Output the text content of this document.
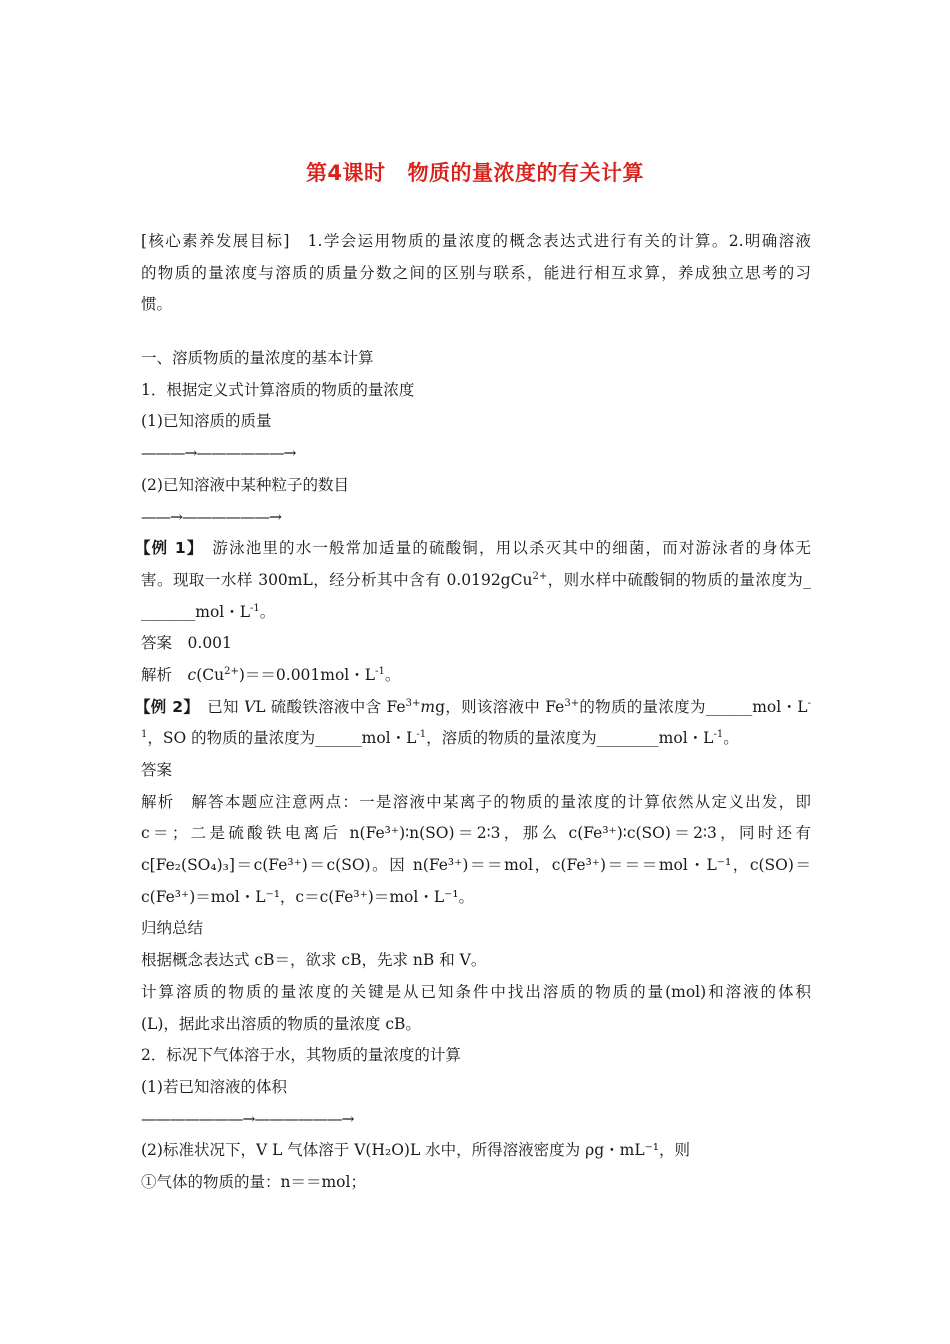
第4课时 物质的量浓度的有关计算
[核心素养发展目标]　1.学会运用物质的量浓度的概念表达式进行有关的计算。2.明确溶液
的物质的量浓度与溶质的质量分数之间的区别与联系，能进行相互求算，养成独立思考的习
惯。
一、溶质物质的量浓度的基本计算
1．根据定义式计算溶质的物质的量浓度
(1)已知溶质的质量
———→——————→
(2)已知溶液中某种粒子的数目
——→——————→
【例 1】　 游泳池里的水一般常加适量的硫酸铜，用以杀灭其中的细菌，而对游泳者的身体无
害。现取一水样 300mL，经分析其中含有 0.0192gCu$^{2+}$，则水样中硫酸铜的物质的量浓度为_
_______mol・$L^{-1}$。
答案　 0.001
解析　 $c(Cu^{2+})==0.001mol$・$L^{-1}$。
【例 2】　 已知 VL 硫酸铁溶液中含 $Fe^{3+}mg$，则该溶液中 $Fe^{3+}$的物质的量浓度为______mol・L-
$^1$，SO 的物质的量浓度为______mol・$L^{-1}$，溶质的物质的量浓度为________mol・$L^{-1}$。
答案
解析　 解答本题应注意两点：一是溶液中某离子的物质的量浓度的计算依然从定义出发，即
c＝；二是硫酸铁电离后 n(Fe³⁺)∶n(SO)＝2∶3，那么 c(Fe³⁺)∶c(SO)＝2∶3，同时还有
c[Fe₂(SO₄)₃]＝c(Fe³⁺)＝c(SO)。因 n(Fe³⁺)＝＝mol，c(Fe³⁺)＝＝＝mol・L⁻¹，c(SO)＝
c(Fe³⁺)＝mol・L⁻¹，c＝c(Fe³⁺)＝mol・L⁻¹。
归纳总结
根据概念表达式 cB＝，欲求 cB，先求 nB 和 V。
计算溶质的物质的量浓度的关键是从已知条件中找出溶质的物质的量(mol)和溶液的体积
(L)，据此求出溶质的物质的量浓度 cB。
2．标况下气体溶于水，其物质的量浓度的计算
(1)若已知溶液的体积
———————→——————→
(2)标准状况下，V L 气体溶于 V(H₂O)L 水中，所得溶液密度为 ρg・mL⁻¹，则
①气体的物质的量：n＝＝mol；
